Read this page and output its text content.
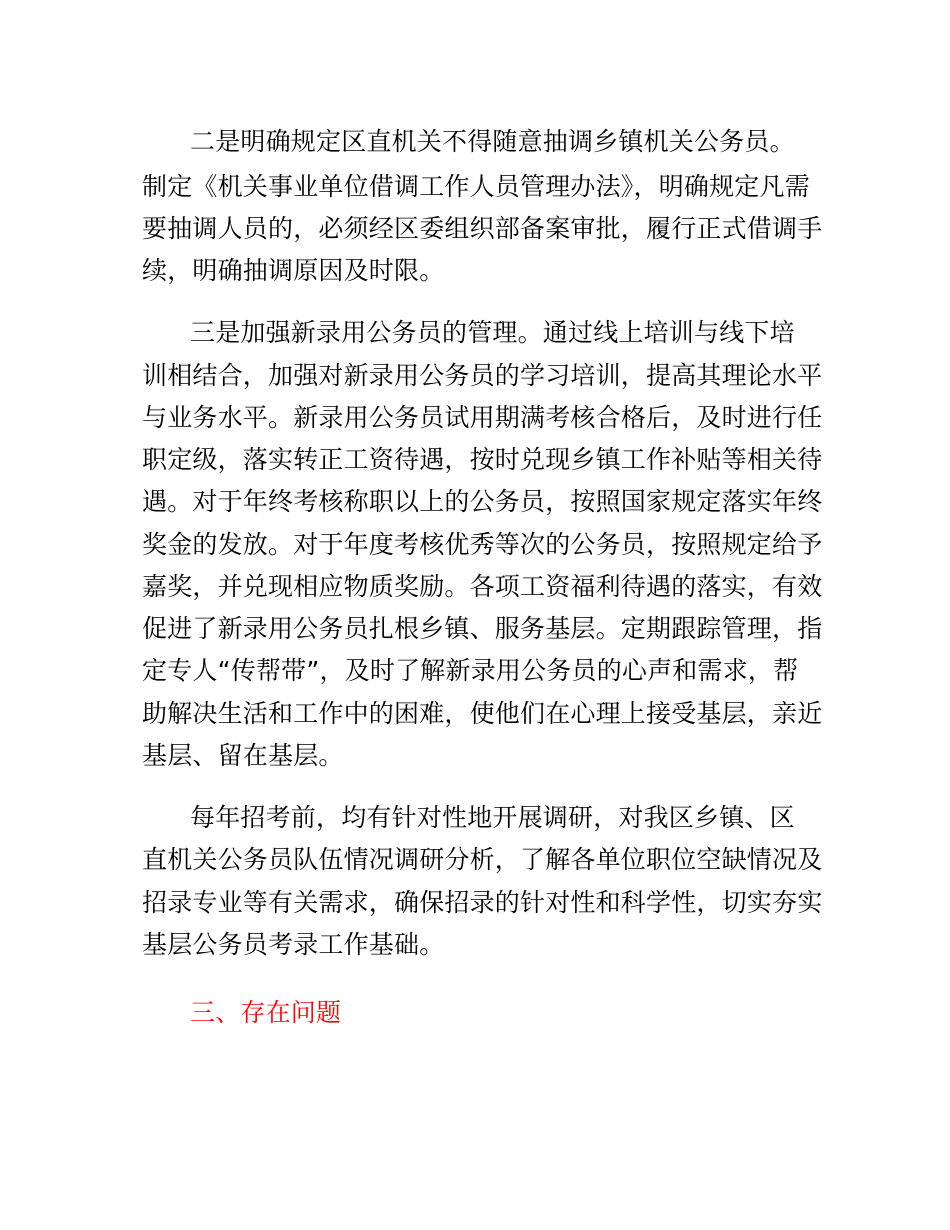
二是明确规定区直机关不得随意抽调乡镇机关公务员。
制定《机关事业单位借调工作人员管理办法》，明确规定凡需
要抽调人员的，必须经区委组织部备案审批，履行正式借调手
续，明确抽调原因及时限。
三是加强新录用公务员的管理。通过线上培训与线下培
训相结合，加强对新录用公务员的学习培训，提高其理论水平
与业务水平。新录用公务员试用期满考核合格后，及时进行任
职定级，落实转正工资待遇，按时兑现乡镇工作补贴等相关待
遇。对于年终考核称职以上的公务员，按照国家规定落实年终
奖金的发放。对于年度考核优秀等次的公务员，按照规定给予
嘉奖，并兑现相应物质奖励。各项工资福利待遇的落实，有效
促进了新录用公务员扎根乡镇、服务基层。定期跟踪管理，指
定专人“传帮带”，及时了解新录用公务员的心声和需求，帮
助解决生活和工作中的困难，使他们在心理上接受基层，亲近
基层、留在基层。
每年招考前，均有针对性地开展调研，对我区乡镇、区
直机关公务员队伍情况调研分析，了解各单位职位空缺情况及
招录专业等有关需求，确保招录的针对性和科学性，切实夯实
基层公务员考录工作基础。
三、存在问题
